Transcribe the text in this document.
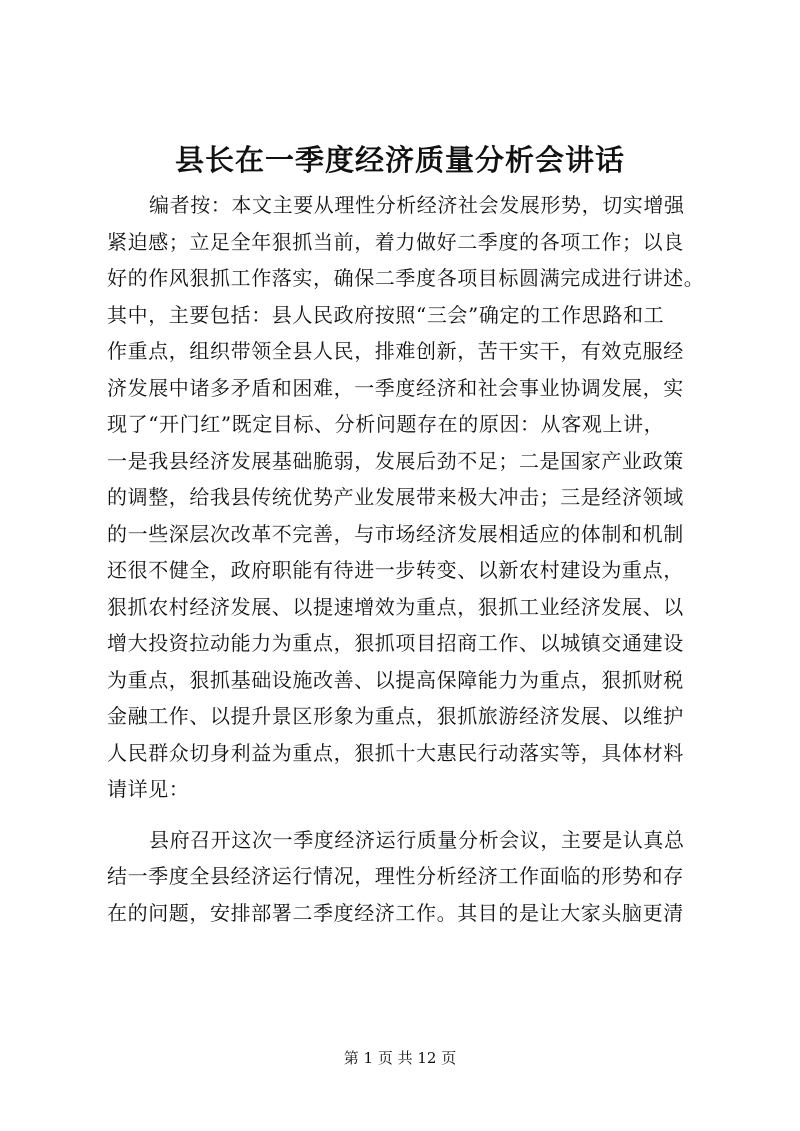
县长在一季度经济质量分析会讲话
编者按：本文主要从理性分析经济社会发展形势，切实增强
紧迫感；立足全年狠抓当前，着力做好二季度的各项工作；以良
好的作风狠抓工作落实，确保二季度各项目标圆满完成进行讲述。
其中，主要包括：县人民政府按照“三会”确定的工作思路和工
作重点，组织带领全县人民，排难创新，苦干实干，有效克服经
济发展中诸多矛盾和困难，一季度经济和社会事业协调发展，实
现了“开门红”既定目标、分析问题存在的原因：从客观上讲，
一是我县经济发展基础脆弱，发展后劲不足；二是国家产业政策
的调整，给我县传统优势产业发展带来极大冲击；三是经济领域
的一些深层次改革不完善，与市场经济发展相适应的体制和机制
还很不健全，政府职能有待进一步转变、以新农村建设为重点，
狠抓农村经济发展、以提速增效为重点，狠抓工业经济发展、以
增大投资拉动能力为重点，狠抓项目招商工作、以城镇交通建设
为重点，狠抓基础设施改善、以提高保障能力为重点，狠抓财税
金融工作、以提升景区形象为重点，狠抓旅游经济发展、以维护
人民群众切身利益为重点，狠抓十大惠民行动落实等，具体材料
请详见：
县府召开这次一季度经济运行质量分析会议，主要是认真总
结一季度全县经济运行情况，理性分析经济工作面临的形势和存
在的问题，安排部署二季度经济工作。其目的是让大家头脑更清
第 1 页 共 12 页
